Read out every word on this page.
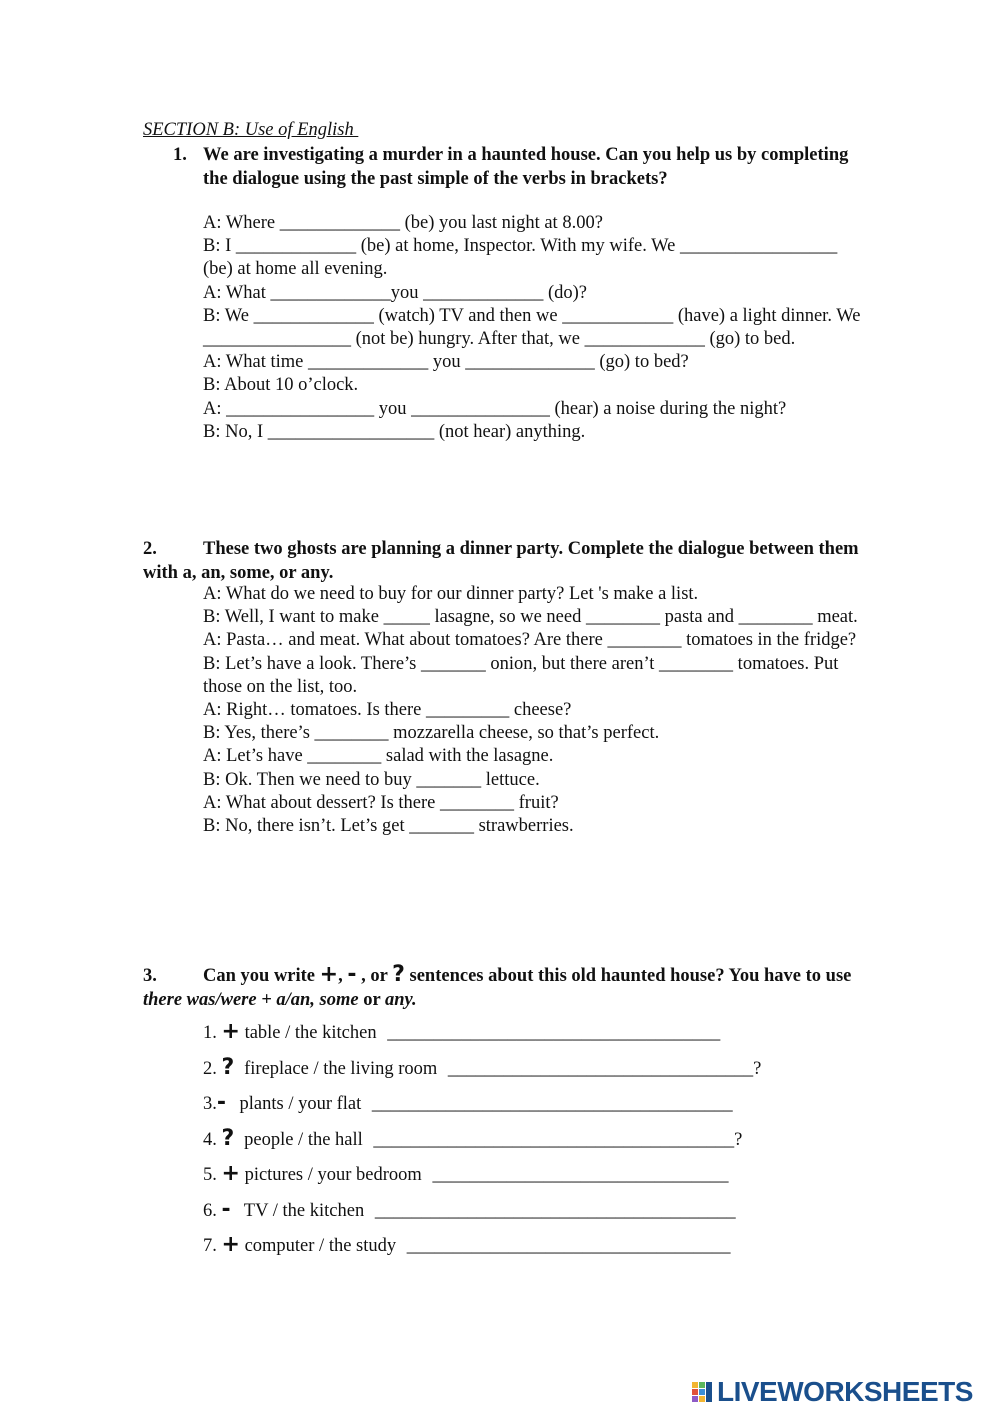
SECTION B: Use of English
1. We are investigating a murder in a haunted house. Can you help us by completing the dialogue using the past simple of the verbs in brackets?

A: Where _____________ (be) you last night at 8.00?

B: I _____________ (be) at home, Inspector. With my wife. We _________________ (be) at home all evening.

A: What _____________you _____________ (do)?

B: We _____________ (watch) TV and then we ____________ (have) a light dinner. We ________________ (not be) hungry. After that, we _____________ (go) to bed.

A: What time _____________ you ______________ (go) to bed?

B: About 10 o’clock.

A: ________________ you _______________ (hear) a noise during the night?

B: No, I __________________ (not hear) anything.

2. These two ghosts are planning a dinner party. Complete the dialogue between them with a, an, some, or any.

A: What do we need to buy for our dinner party? Let 's make a list.

B: Well, I want to make _____ lasagne, so we need ________ pasta and ________ meat.

A: Pasta… and meat. What about tomatoes? Are there ________ tomatoes in the fridge?

B: Let’s have a look. There’s _______ onion, but there aren’t ________ tomatoes. Put those on the list, too.

A: Right… tomatoes. Is there _________ cheese?

B: Yes, there’s ________ mozzarella cheese, so that’s perfect.

A: Let’s have ________ salad with the lasagne.

B: Ok. Then we need to buy _______ lettuce.

A: What about dessert? Is there ________ fruit?

B: No, there isn’t. Let’s get _______ strawberries.

3. Can you write +, - , or ? sentences about this old haunted house? You have to use there was/were + a/an, some or any.
1. + table / the kitchen ____________________________________
2. ? fireplace / the living room _________________________________?
3.- plants / your flat _______________________________________
4. ? people / the hall _______________________________________?
5. + pictures / your bedroom ________________________________
6. - TV / the kitchen _______________________________________
7. + computer / the study ___________________________________
LIVEWORKSHEETS
